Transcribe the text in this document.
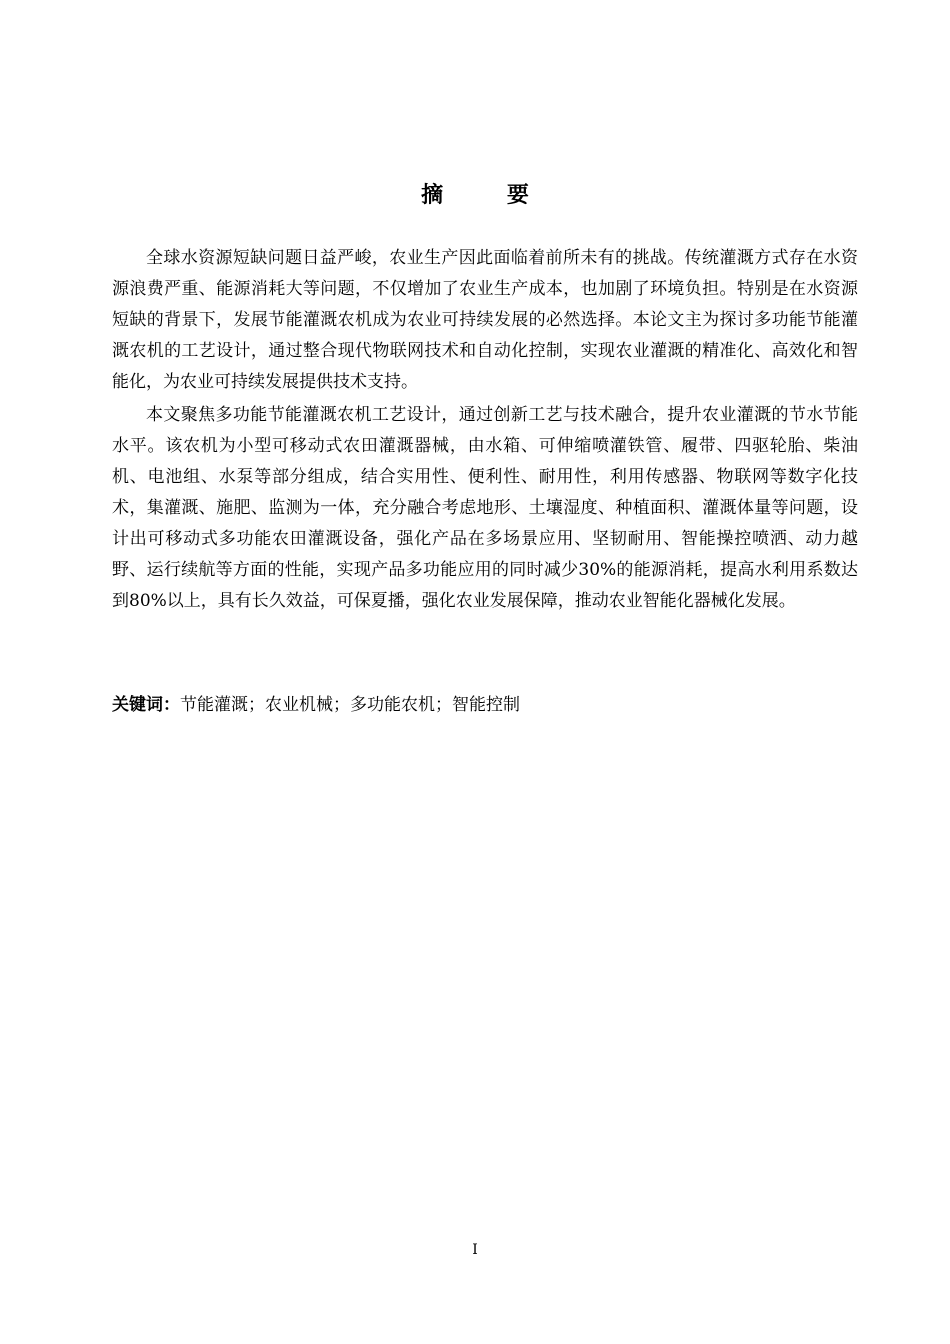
摘 要

全球水资源短缺问题日益严峻，农业生产因此面临着前所未有的挑战。传统灌溉方式存在水资源浪费严重、能源消耗大等问题，不仅增加了农业生产成本，也加剧了环境负担。特别是在水资源短缺的背景下，发展节能灌溉农机成为农业可持续发展的必然选择。本论文主为探讨多功能节能灌溉农机的工艺设计，通过整合现代物联网技术和自动化控制，实现农业灌溉的精准化、高效化和智能化，为农业可持续发展提供技术支持。

本文聚焦多功能节能灌溉农机工艺设计，通过创新工艺与技术融合，提升农业灌溉的节水节能水平。该农机为小型可移动式农田灌溉器械，由水箱、可伸缩喷灌铁管、履带、四驱轮胎、柴油机、电池组、水泵等部分组成，结合实用性、便利性、耐用性，利用传感器、物联网等数字化技术，集灌溉、施肥、监测为一体，充分融合考虑地形、土壤湿度、种植面积、灌溉体量等问题，设计出可移动式多功能农田灌溉设备，强化产品在多场景应用、坚韧耐用、智能操控喷洒、动力越野、运行续航等方面的性能，实现产品多功能应用的同时减少30%的能源消耗，提高水利用系数达到80%以上，具有长久效益，可保夏播，强化农业发展保障，推动农业智能化器械化发展。

关键词：节能灌溉；农业机械；多功能农机；智能控制

I
